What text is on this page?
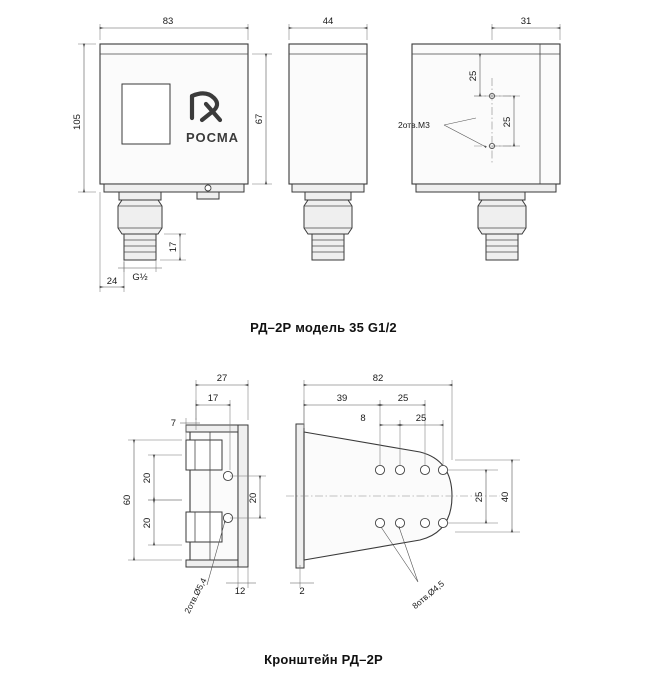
РОСМА
83
105	67
17
G½
24
44	31
25
25
2отв.М3
27
17
7
60
20
20
20
12
2отв.Ø5,4
82
39	25
8	25
25 40
2	8отв.Ø4,5
РД–2Р модель 35 G1/2
Кронштейн РД–2Р
